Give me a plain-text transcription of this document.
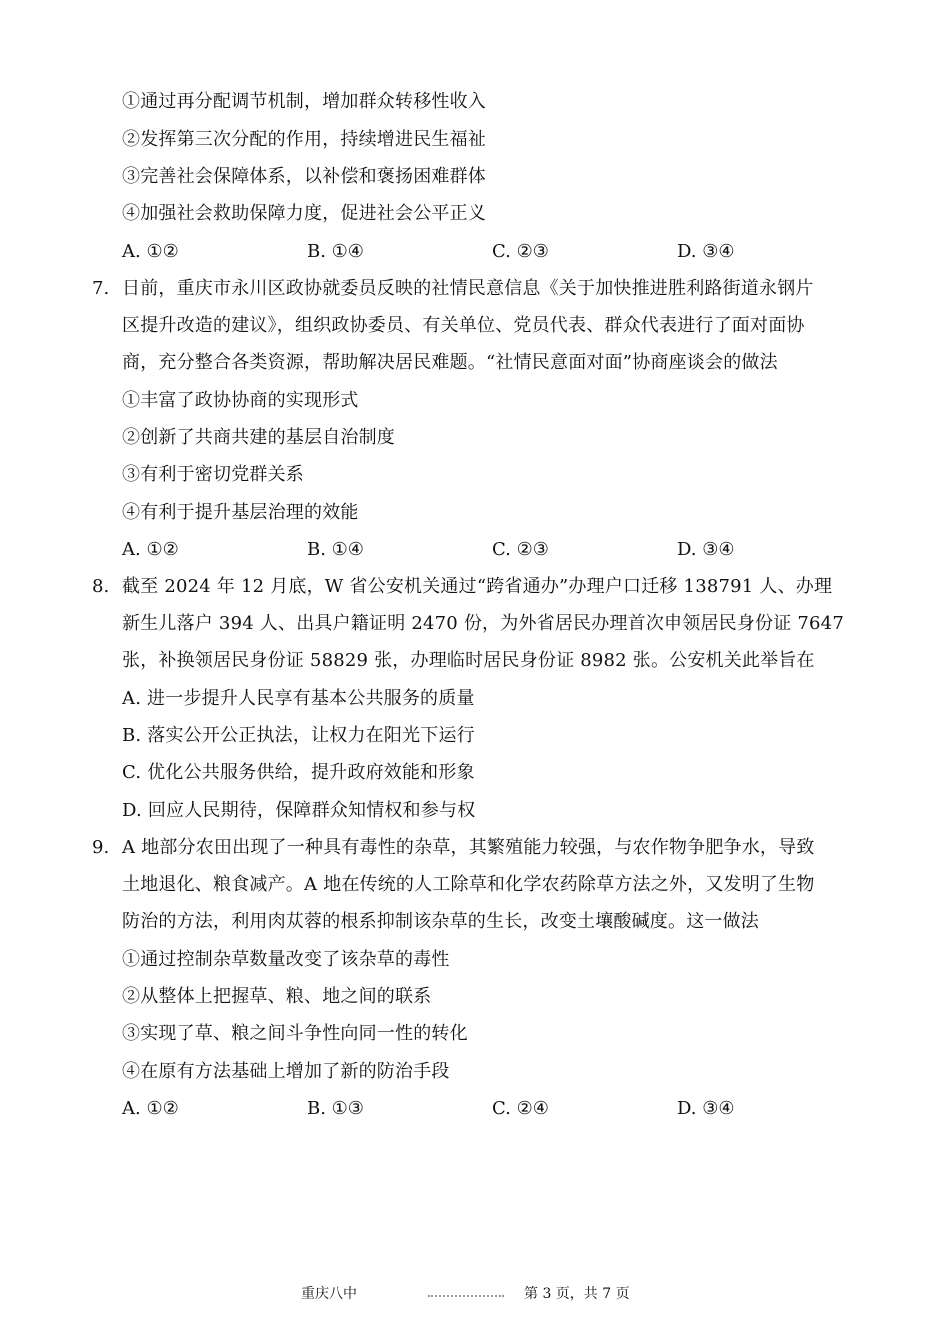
①通过再分配调节机制，增加群众转移性收入
②发挥第三次分配的作用，持续增进民生福祉
③完善社会保障体系，以补偿和褒扬困难群体
④加强社会救助保障力度，促进社会公平正义
A. ①②	B. ①④	C. ②③	D. ③④
7. 日前，重庆市永川区政协就委员反映的社情民意信息《关于加快推进胜利路街道永钢片
区提升改造的建议》，组织政协委员、有关单位、党员代表、群众代表进行了面对面协
商，充分整合各类资源，帮助解决居民难题。“社情民意面对面”协商座谈会的做法
①丰富了政协协商的实现形式
②创新了共商共建的基层自治制度
③有利于密切党群关系
④有利于提升基层治理的效能
A. ①②	B. ①④	C. ②③	D. ③④
8. 截至 2024 年 12 月底，W 省公安机关通过“跨省通办”办理户口迁移 138791 人、办理
新生儿落户 394 人、出具户籍证明 2470 份，为外省居民办理首次申领居民身份证 7647
张，补换领居民身份证 58829 张，办理临时居民身份证 8982 张。公安机关此举旨在
A. 进一步提升人民享有基本公共服务的质量
B. 落实公开公正执法，让权力在阳光下运行
C. 优化公共服务供给，提升政府效能和形象
D. 回应人民期待，保障群众知情权和参与权
9. A 地部分农田出现了一种具有毒性的杂草，其繁殖能力较强，与农作物争肥争水，导致
土地退化、粮食减产。A 地在传统的人工除草和化学农药除草方法之外，又发明了生物
防治的方法，利用肉苁蓉的根系抑制该杂草的生长，改变土壤酸碱度。这一做法
①通过控制杂草数量改变了该杂草的毒性
②从整体上把握草、粮、地之间的联系
③实现了草、粮之间斗争性向同一性的转化
④在原有方法基础上增加了新的防治手段
A. ①②	B. ①③	C. ②④	D. ③④
重庆八中	第 3 页，共 7 页
